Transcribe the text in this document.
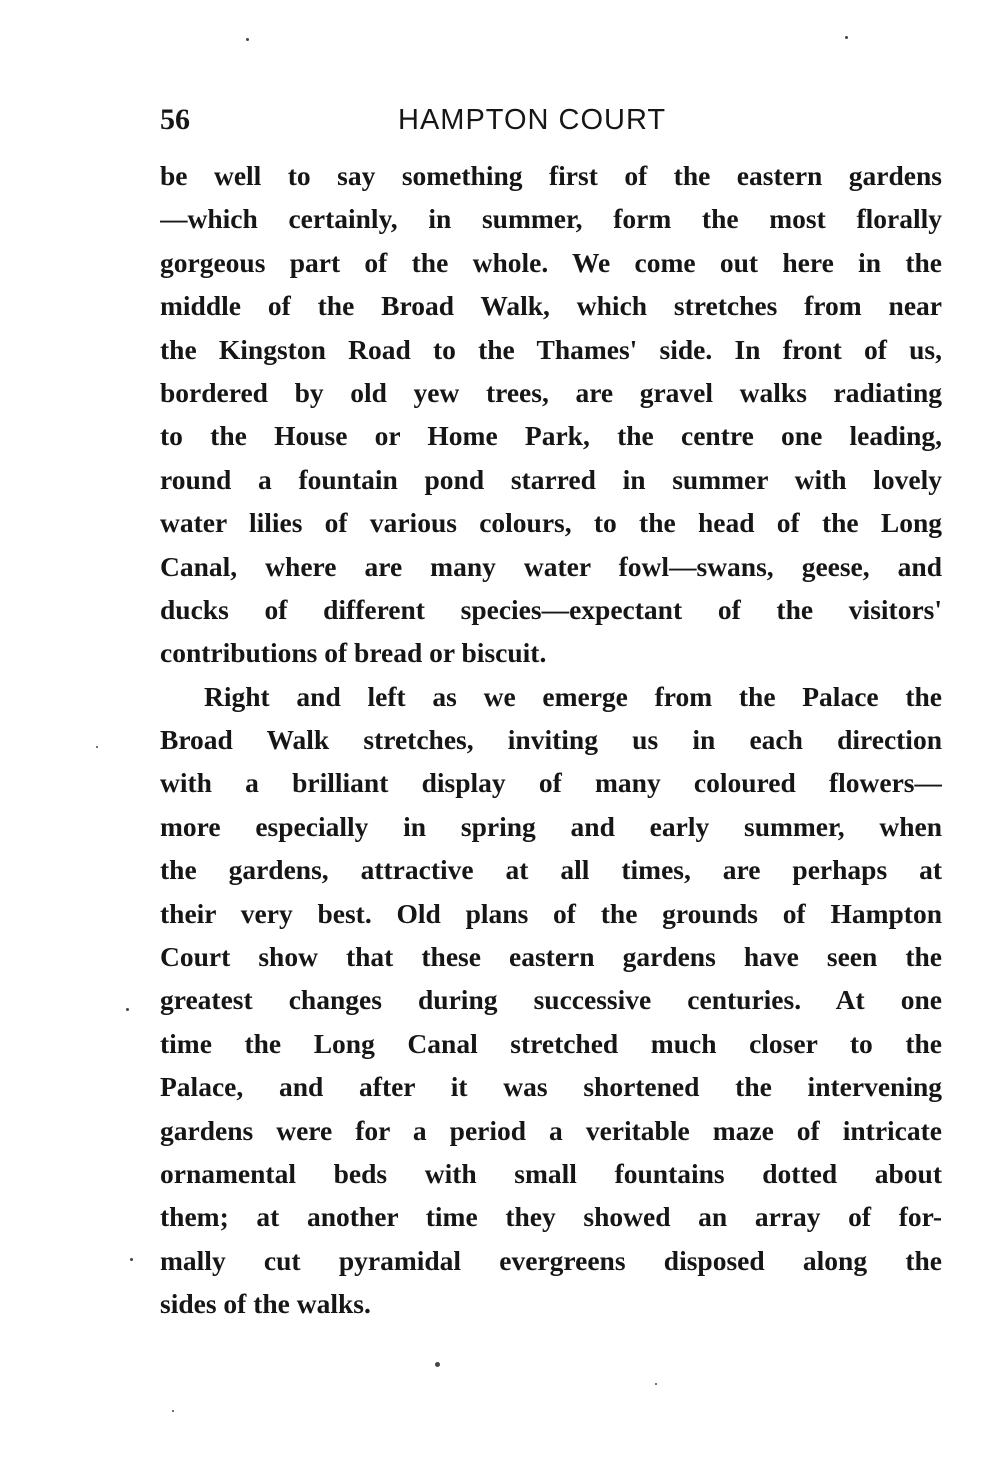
56	HAMPTON COURT
be well to say something first of the eastern gardens
—which certainly, in summer, form the most florally
gorgeous part of the whole. We come out here in the
middle of the Broad Walk, which stretches from near
the Kingston Road to the Thames' side. In front of us,
bordered by old yew trees, are gravel walks radiating
to the House or Home Park, the centre one leading,
round a fountain pond starred in summer with lovely
water lilies of various colours, to the head of the Long
Canal, where are many water fowl—swans, geese, and
ducks of different species—expectant of the visitors'
contributions of bread or biscuit.
Right and left as we emerge from the Palace the
Broad Walk stretches, inviting us in each direction
with a brilliant display of many coloured flowers—
more especially in spring and early summer, when
the gardens, attractive at all times, are perhaps at
their very best. Old plans of the grounds of Hampton
Court show that these eastern gardens have seen the
greatest changes during successive centuries. At one
time the Long Canal stretched much closer to the
Palace, and after it was shortened the intervening
gardens were for a period a veritable maze of intricate
ornamental beds with small fountains dotted about
them; at another time they showed an array of for-
mally cut pyramidal evergreens disposed along the
sides of the walks.
